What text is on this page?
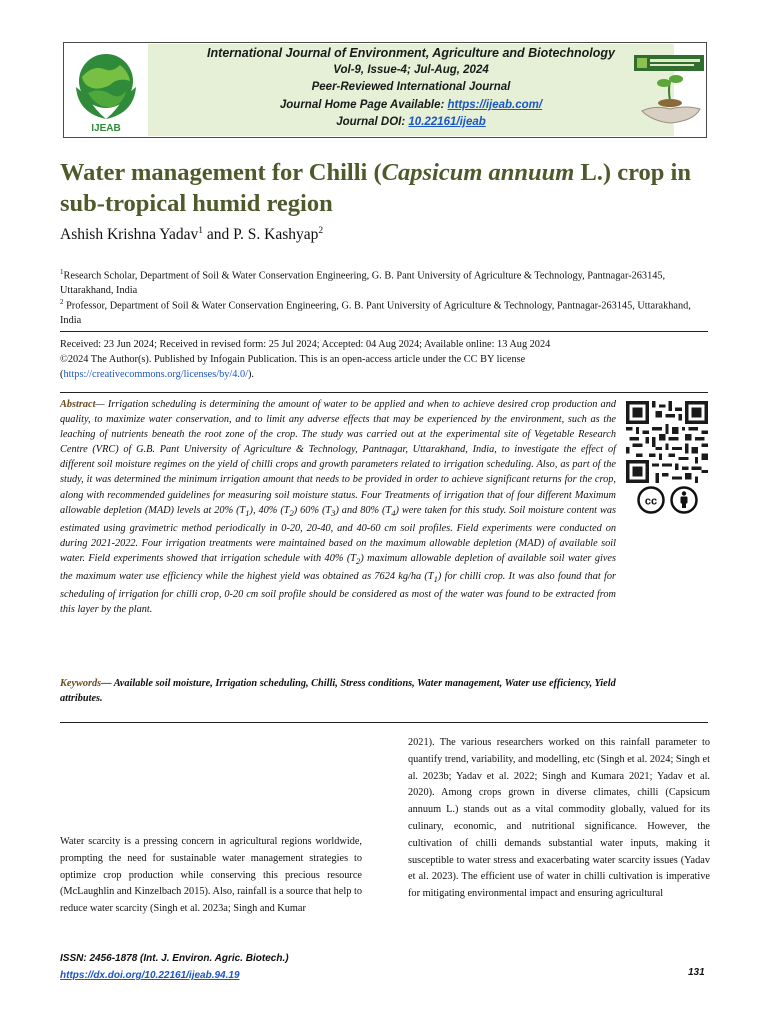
IJEAB
International Journal of Environment, Agriculture and Biotechnology
Vol-9, Issue-4; Jul-Aug, 2024
Peer-Reviewed International Journal
Journal Home Page Available: https://ijeab.com/
Journal DOI: 10.22161/ijeab
Water management for Chilli (Capsicum annuum L.) crop in sub-tropical humid region
Ashish Krishna Yadav$^1$ and P. S. Kashyap$^2$
$^1$Research Scholar, Department of Soil & Water Conservation Engineering, G. B. Pant University of Agriculture & Technology, Pantnagar-263145, Uttarakhand, India
$^2$ Professor, Department of Soil & Water Conservation Engineering, G. B. Pant University of Agriculture & Technology, Pantnagar-263145, Uttarakhand, India
Received: 23 Jun 2024; Received in revised form: 25 Jul 2024; Accepted: 04 Aug 2024; Available online: 13 Aug 2024
©2024 The Author(s). Published by Infogain Publication. This is an open-access article under the CC BY license
(https://creativecommons.org/licenses/by/4.0/).
Abstract— Irrigation scheduling is determining the amount of water to be applied and when to achieve desired crop production and quality, to maximize water conservation, and to limit any adverse effects that may be experienced by the environment, such as the leaching of nutrients beneath the root zone of the crop. The study was carried out at the experimental site of Vegetable Research Centre (VRC) of G.B. Pant University of Agriculture & Technology, Pantnagar, Uttarakhand, India, to investigate the effect of different soil moisture regimes on the yield of chilli crops and growth parameters related to irrigation scheduling. Also, as part of the study, it was determined the minimum irrigation amount that needs to be provided in order to achieve significant returns for the crop, along with recommended guidelines for measuring soil moisture status. Four Treatments of irrigation that of four different Maximum allowable depletion (MAD) levels at 20% $(T_1)$, 40% $(T_2)$ 60% $(T_3)$ and 80% $(T_4)$ were taken for this study. Soil moisture content was estimated using gravimetric method periodically in 0-20, 20-40, and 40-60 cm soil profiles. Field experiments were conducted on                                during 2021-2022. Four irrigation treatments were maintained based on the maximum allowable depletion (MAD) of available soil water. Field experiments showed that irrigation schedule with 40% $(T_2)$ maximum allowable depletion of available soil water gives the maximum water use efficiency while the highest yield was obtained as 7624 kg/ha $(T_1)$ for chilli crop. It was also found that for scheduling of irrigation for chilli crop, 0-20 cm soil profile should be considered as most of the water was found to be extracted from this layer by the plant.
Keywords— Available soil moisture, Irrigation scheduling, Chilli, Stress conditions, Water management, Water use efficiency, Yield attributes.
cc
Water scarcity is a pressing concern in agricultural regions worldwide, prompting the need for sustainable water management strategies to optimize crop production while conserving this precious resource (McLaughlin and Kinzelbach 2015). Also, rainfall is a source that help to reduce water scarcity (Singh et al. 2023a; Singh and Kumar
2021). The various researchers worked on this rainfall parameter to quantify trend, variability, and modelling, etc (Singh et al. 2024; Singh et al. 2023b; Yadav et al. 2022; Singh and Kumara 2021; Yadav et al. 2020). Among crops grown in diverse climates, chilli (Capsicum annuum L.) stands out as a vital commodity globally, valued for its culinary, economic, and nutritional significance. However, the cultivation of chilli demands substantial water inputs, making it susceptible to water stress and exacerbating water scarcity issues (Yadav et al. 2023). The efficient use of water in chilli cultivation is imperative for mitigating environmental impact and ensuring agricultural
ISSN: 2456-1878 (Int. J. Environ. Agric. Biotech.)
https://dx.doi.org/10.22161/ijeab.94.19	131
